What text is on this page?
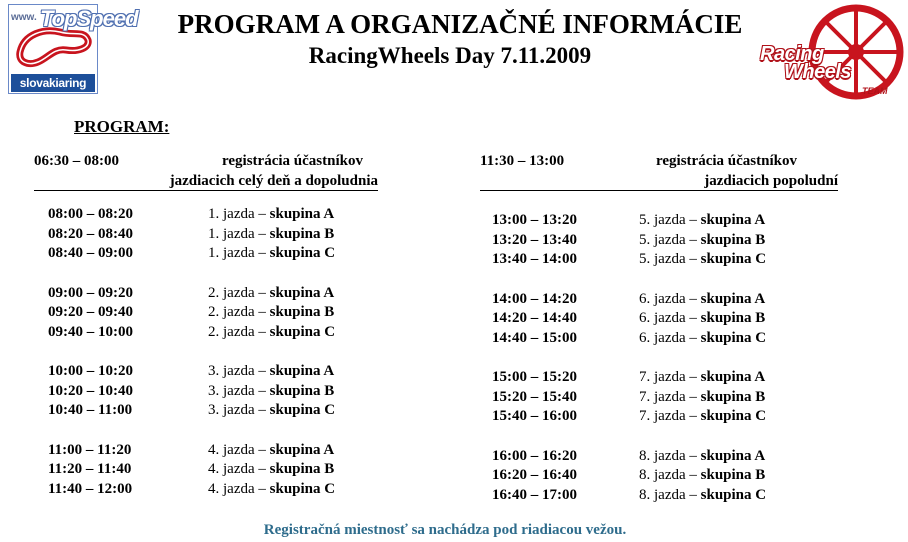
www. TopSpeed
slovakiaring
PROGRAM A ORGANIZAČNÉ INFORMÁCIE
RacingWheels Day 7.11.2009	Racing
Wheels
TEAM
PROGRAM:
06:30 – 08:00	registrácia účastníkov
jazdiacich celý deň a dopoludnia
11:30 – 13:00	registrácia účastníkov
jazdiacich popoludní
08:00 – 08:20	1. jazda – skupina A
08:20 – 08:40	1. jazda – skupina B
08:40 – 09:00	1. jazda – skupina C
09:00 – 09:20	2. jazda – skupina A
09:20 – 09:40	2. jazda – skupina B
09:40 – 10:00	2. jazda – skupina C
10:00 – 10:20	3. jazda – skupina A
10:20 – 10:40	3. jazda – skupina B
10:40 – 11:00	3. jazda – skupina C
11:00 – 11:20	4. jazda – skupina A
11:20 – 11:40	4. jazda – skupina B
11:40 – 12:00	4. jazda – skupina C
13:00 – 13:20	5. jazda – skupina A
13:20 – 13:40	5. jazda – skupina B
13:40 – 14:00	5. jazda – skupina C
14:00 – 14:20	6. jazda – skupina A
14:20 – 14:40	6. jazda – skupina B
14:40 – 15:00	6. jazda – skupina C
15:00 – 15:20	7. jazda – skupina A
15:20 – 15:40	7. jazda – skupina B
15:40 – 16:00	7. jazda – skupina C
16:00 – 16:20	8. jazda – skupina A
16:20 – 16:40	8. jazda – skupina B
16:40 – 17:00	8. jazda – skupina C
Registračná miestnosť sa nachádza pod riadiacou vežou.
